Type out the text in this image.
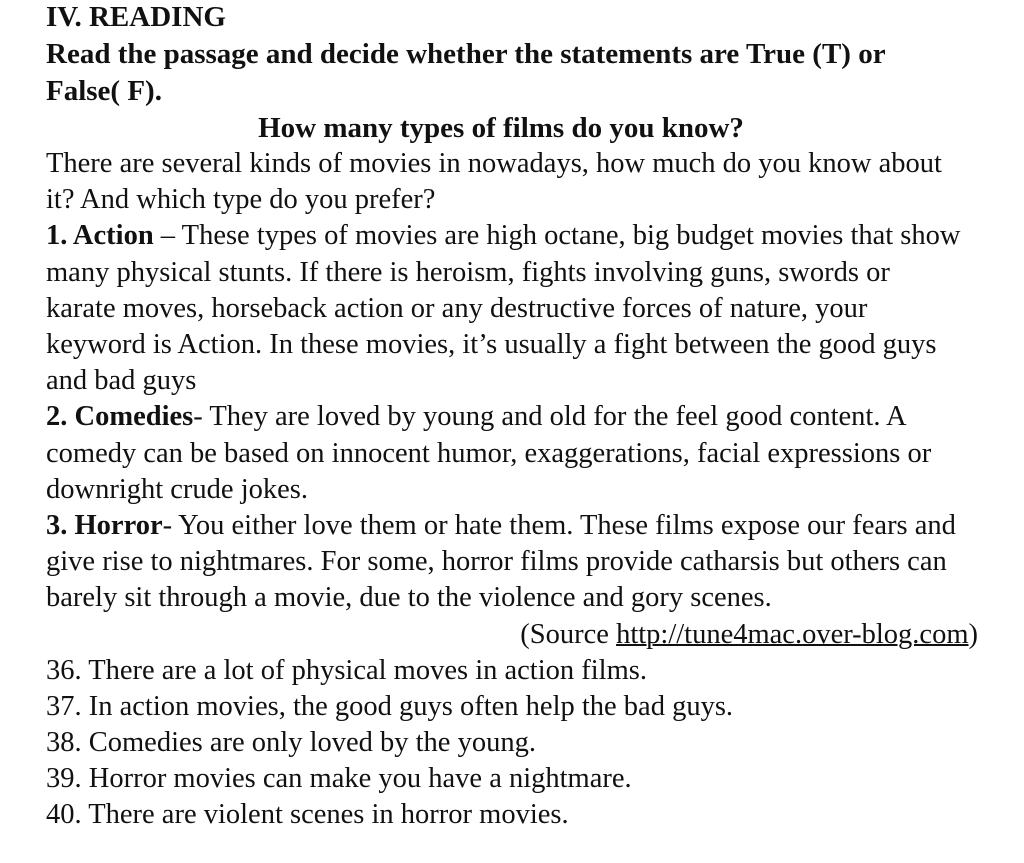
IV. READING

Read the passage and decide whether the statements are True (T) or False( F).

How many types of films do you know?

There are several kinds of movies in nowadays, how much do you know about it? And which type do you prefer?

1. Action – These types of movies are high octane, big budget movies that show many physical stunts. If there is heroism, fights involving guns, swords or karate moves, horseback action or any destructive forces of nature, your keyword is Action. In these movies, it’s usually a fight between the good guys and bad guys

2. Comedies- They are loved by young and old for the feel good content. A comedy can be based on innocent humor, exaggerations, facial expressions or downright crude jokes.

3. Horror- You either love them or hate them. These films expose our fears and give rise to nightmares. For some, horror films provide catharsis but others can barely sit through a movie, due to the violence and gory scenes.

(Source http://tune4mac.over-blog.com)

36. There are a lot of physical moves in action films.
37. In action movies, the good guys often help the bad guys.
38. Comedies are only loved by the young.
39. Horror movies can make you have a nightmare.
40. There are violent scenes in horror movies.
